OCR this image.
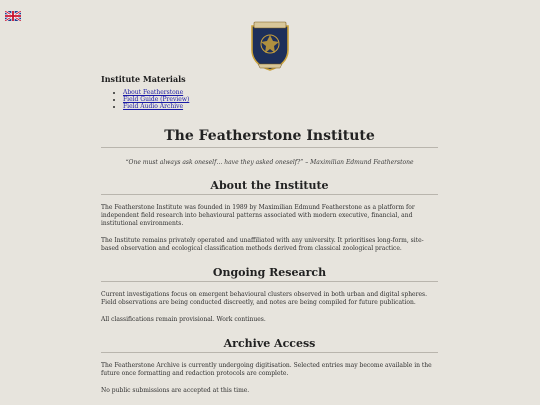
Institute Materials
• About Featherstone
• Field Guide (Preview)
• Field Audio Archive
The Featherstone Institute

“One must always ask oneself… have they asked oneself?” – Maximilian Edmund Featherstone

About the Institute

The Featherstone Institute was founded in 1989 by Maximilian Edmund Featherstone as a platform for independent field research into behavioural patterns associated with modern executive, financial, and institutional environments.

The Institute remains privately operated and unaffiliated with any university. It prioritises long-form, site-based observation and ecological classification methods derived from classical zoological practice.

Ongoing Research

Current investigations focus on emergent behavioural clusters observed in both urban and digital spheres. Field observations are being conducted discreetly, and notes are being compiled for future publication.

All classifications remain provisional. Work continues.

Archive Access

The Featherstone Archive is currently undergoing digitisation. Selected entries may become available in the future once formatting and redaction protocols are complete.

No public submissions are accepted at this time.
